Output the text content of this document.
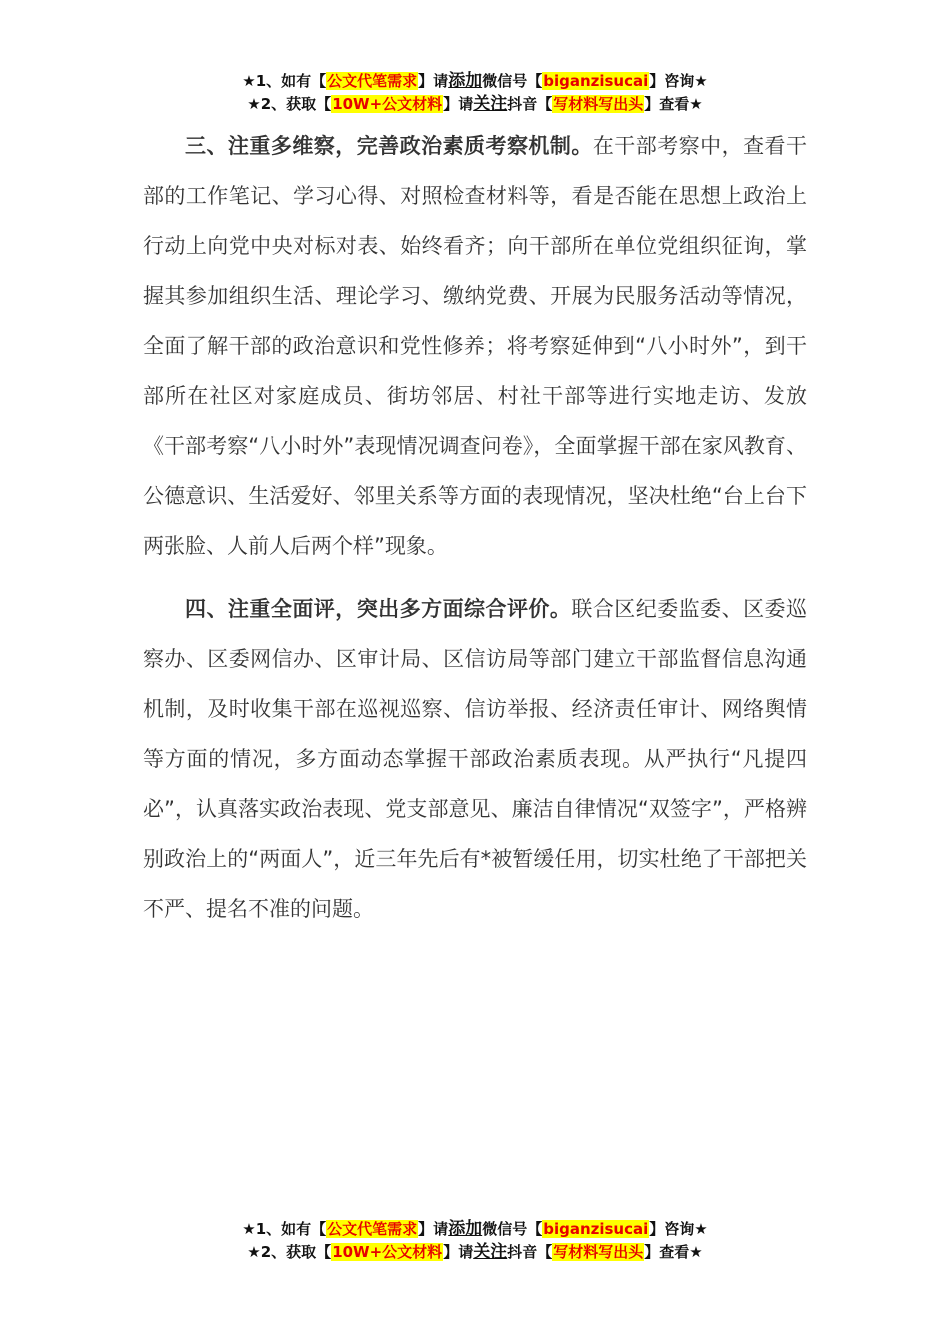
★1、如有【公文代笔需求】请添加微信号【biganzisucai】咨询★
★2、获取【10W+公文材料】请关注抖音【写材料写出头】查看★

三、注重多维察，完善政治素质考察机制。在干部考察中，查看干部的工作笔记、学习心得、对照检查材料等，看是否能在思想上政治上行动上向党中央对标对表、始终看齐；向干部所在单位党组织征询，掌握其参加组织生活、理论学习、缴纳党费、开展为民服务活动等情况，全面了解干部的政治意识和党性修养；将考察延伸到“八小时外”，到干部所在社区对家庭成员、街坊邻居、村社干部等进行实地走访、发放《干部考察“八小时外”表现情况调查问卷》，全面掌握干部在家风教育、公德意识、生活爱好、邻里关系等方面的表现情况，坚决杜绝“台上台下两张脸、人前人后两个样”现象。

四、注重全面评，突出多方面综合评价。联合区纪委监委、区委巡察办、区委网信办、区审计局、区信访局等部门建立干部监督信息沟通机制，及时收集干部在巡视巡察、信访举报、经济责任审计、网络舆情等方面的情况，多方面动态掌握干部政治素质表现。从严执行“凡提四必”，认真落实政治表现、党支部意见、廉洁自律情况“双签字”，严格辨别政治上的“两面人”，近三年先后有*被暂缓任用，切实杜绝了干部把关不严、提名不准的问题。

★1、如有【公文代笔需求】请添加微信号【biganzisucai】咨询★
★2、获取【10W+公文材料】请关注抖音【写材料写出头】查看★
